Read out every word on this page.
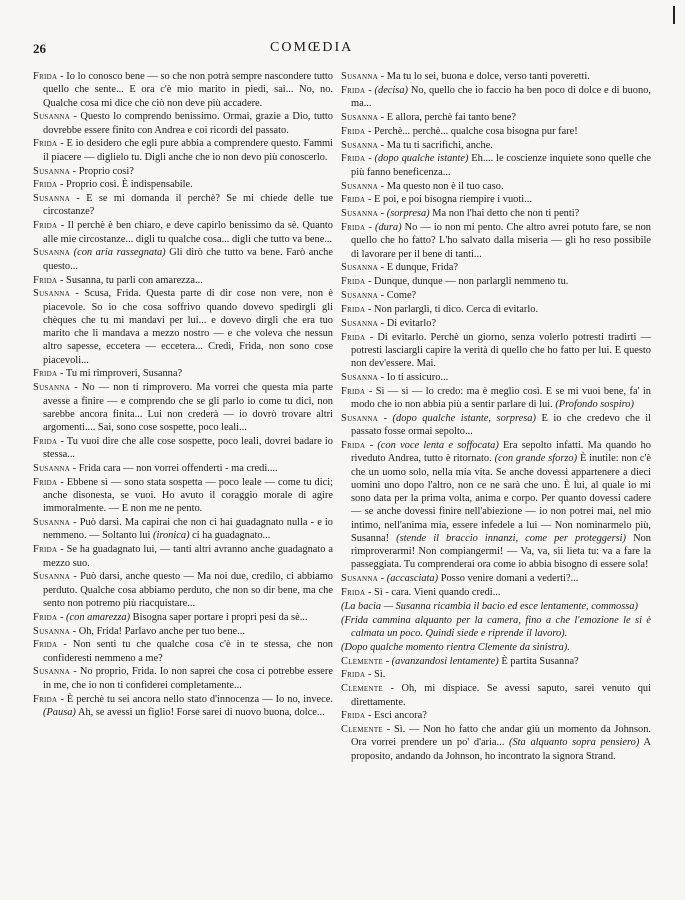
26	COMŒDIA

Frida - Io lo conosco bene — so che non potrà sempre nascondere tutto quello che sente... E ora c'è mio marito in piedi, sai... No, no. Qualche cosa mi dice che ciò non deve più accadere.

Susanna - Questo lo comprendo benissimo. Ormai, grazie a Dio, tutto dovrebbe essere finito con Andrea e coi ricordi del passato.

Frida - E io desidero che egli pure abbia a comprendere questo. Fammi il piacere — diglielo tu. Digli anche che io non devo più conoscerlo.

Susanna - Proprio così?

Frida - Proprio così. È indispensabile.

Susanna - E se mi domanda il perchè? Se mi chiede delle tue circostanze?

Frida - Il perchè è ben chiaro, e deve capirlo benissimo da sè. Quanto alle mie circostanze... digli tu qualche cosa... digli che tutto va bene...

Susanna (con aria rassegnata) Gli dirò che tutto va bene. Farò anche questo...

Frida - Susanna, tu parli con amarezza...

Susanna - Scusa, Frida. Questa parte di dir cose non vere, non è piacevole. So io che cosa soffrivo quando dovevo spedirgli gli chèques che tu mi mandavi per lui... e dovevo dirgli che era tuo marito che li mandava a mezzo nostro — e che voleva che nessun altro sapesse, eccetera — eccetera... Credi, Frida, non sono cose piacevoli...

Frida - Tu mi rimproveri, Susanna?

Susanna - No — non ti rimprovero. Ma vorrei che questa mia parte avesse a finire — e comprendo che se gli parlo io come tu dici, non sarebbe ancora finita... Lui non crederà — io dovrò trovare altri argomenti.... Sai, sono cose sospette, poco leali...

Frida - Tu vuoi dire che alle cose sospette, poco leali, dovrei badare io stessa...

Susanna - Frida cara — non vorrei offenderti - ma credi....

Frida - Ebbene sì — sono stata sospetta — poco leale — come tu dici; anche disonesta, se vuoi. Ho avuto il coraggio morale di agire immoralmente. — E non me ne pento.

Susanna - Può darsi. Ma capirai che non ci hai guadagnato nulla - e io nemmeno. — Soltanto lui (ironica) ci ha guadagnato...

Frida - Se ha guadagnato lui, — tanti altri avranno anche guadagnato a mezzo suo.

Susanna - Può darsi, anche questo — Ma noi due, credilo, ci abbiamo perduto. Qualche cosa abbiamo perduto, che non so dir bene, ma che sento non potremo più riacquistare...

Frida - (con amarezza) Bisogna saper portare i propri pesi da sè...

Susanna - Oh, Frida! Parlavo anche per tuo bene...

Frida - Non senti tu che qualche cosa c'è in te stessa, che non confideresti nemmeno a me?

Susanna - No proprio, Frida. Io non saprei che cosa ci potrebbe essere in me, che io non ti confiderei completamente...

Frida - È perchè tu sei ancora nello stato d'innocenza — Io no, invece. (Pausa) Ah, se avessi un figlio! Forse sarei di nuovo buona, dolce...

Susanna - Ma tu lo sei, buona e dolce, verso tanti poveretti.

Frida - (decisa) No, quello che io faccio ha ben poco di dolce e di buono, ma...

Susanna - E allora, perchè fai tanto bene?

Frida - Perchè... perchè... qualche cosa bisogna pur fare!

Susanna - Ma tu ti sacrifichi, anche.

Frida - (dopo qualche istante) Eh.... le coscienze inquiete sono quelle che più fanno beneficenza...

Susanna - Ma questo non è il tuo caso.

Frida - E poi, e poi bisogna riempire i vuoti...

Susanna - (sorpresa) Ma non l'hai detto che non ti penti?

Frida - (dura) No — io non mi pento. Che altro avrei potuto fare, se non quello che ho fatto? L'ho salvato dalla miseria — gli ho reso possibile di lavorare per il bene di tanti...

Susanna - E dunque, Frida?

Frida - Dunque, dunque — non parlargli nemmeno tu.

Susanna - Come?

Frida - Non parlargli, ti dico. Cerca di evitarlo.

Susanna - Di evitarlo?

Frida - Di evitarlo. Perchè un giorno, senza volerlo potresti tradirti — potresti lasciargli capire la verità di quello che ho fatto per lui. E questo non dev'essere. Mai.

Susanna - Io ti assicuro...

Frida - Sì — sì — lo credo: ma è meglio così. E se mi vuoi bene, fa' in modo che io non abbia più a sentir parlare di lui. (Profondo sospiro)

Susanna - (dopo qualche istante, sorpresa) E io che credevo che il passato fosse ormai sepolto...

Frida - (con voce lenta e soffocata) Era sepolto infatti. Ma quando ho riveduto Andrea, tutto è ritornato. (con grande sforzo) È inutile: non c'è che un uomo solo, nella mia vita. Se anche dovessi appartenere a dieci uomini uno dopo l'altro, non ce ne sarà che uno. È lui, al quale io mi sono data per la prima volta, anima e corpo. Per quanto dovessi cadere — se anche dovessi finire nell'abiezione — io non potrei mai, nel mio intimo, nell'anima mia, essere infedele a lui — Non nominarmelo più, Susanna! (stende il braccio innanzi, come per proteggersi) Non rimproverarmi! Non compiangermi! — Va, va, sii lieta tu: va a fare la passeggiata. Tu comprenderai ora come io abbia bisogno di essere sola!

Susanna - (accasciata) Posso venire domani a vederti?...

Frida - Sì - cara. Vieni quando credi...

(La bacia — Susanna ricambia il bacio ed esce lentamente, commossa)

(Frida cammina alquanto per la camera, fino a che l'emozione le si è calmata un poco. Quindi siede e riprende il lavoro).

(Dopo qualche momento rientra Clemente da sinistra).

Clemente - (avanzandosi lentamente) È partita Susanna?

Frida - Sì.

Clemente - Oh, mi dispiace. Se avessi saputo, sarei venuto qui direttamente.

Frida - Esci ancora?

Clemente - Sì. — Non ho fatto che andar giù un momento da Johnson. Ora vorrei prendere un po' d'aria... (Sta alquanto sopra pensiero) A proposito, andando da Johnson, ho incontrato la signora Strand.
